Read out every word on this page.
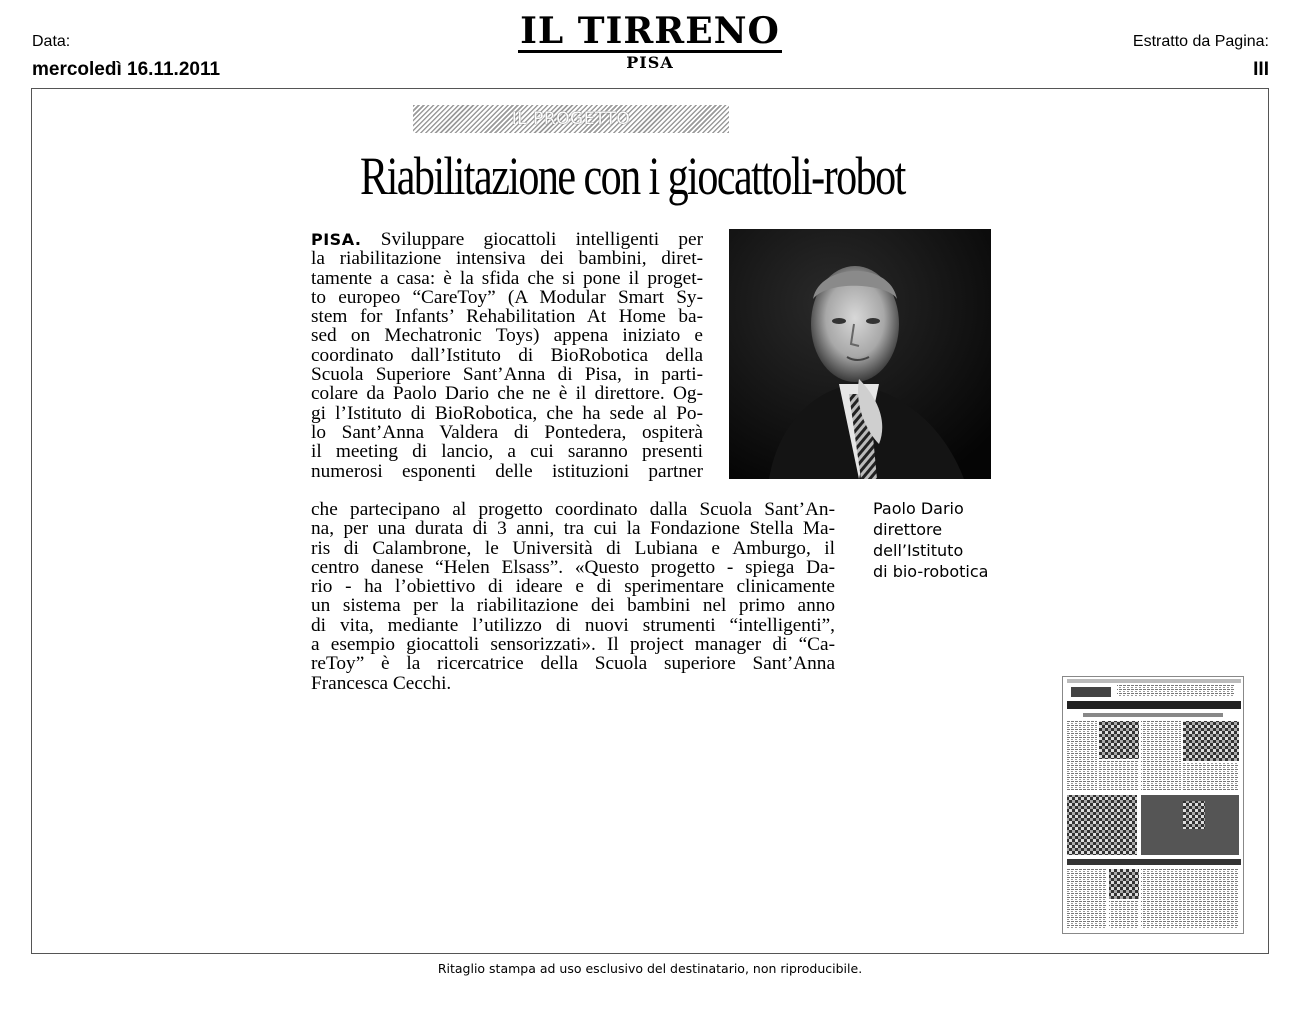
Data:
mercoledì 16.11.2011
IL TIRRENO
PISA
Estratto da Pagina:
III
IL PROGETTO
Riabilitazione con i giocattoli-robot
PISA. Sviluppare giocattoli intelligenti per
la riabilitazione intensiva dei bambini, diret-
tamente a casa: è la sfida che si pone il proget-
to europeo “CareToy” (A Modular Smart Sy-
stem for Infants’ Rehabilitation At Home ba-
sed on Mechatronic Toys) appena iniziato e
coordinato dall’Istituto di BioRobotica della
Scuola Superiore Sant’Anna di Pisa, in parti-
colare da Paolo Dario che ne è il direttore. Og-
gi l’Istituto di BioRobotica, che ha sede al Po-
lo Sant’Anna Valdera di Pontedera, ospiterà
il meeting di lancio, a cui saranno presenti
numerosi esponenti delle istituzioni partner
Paolo Dario
direttore
dell’Istituto
di bio-robotica
che partecipano al progetto coordinato dalla Scuola Sant’An-
na, per una durata di 3 anni, tra cui la Fondazione Stella Ma-
ris di Calambrone, le Università di Lubiana e Amburgo, il
centro danese “Helen Elsass”. «Questo progetto - spiega Da-
rio - ha l’obiettivo di ideare e di sperimentare clinicamente
un sistema per la riabilitazione dei bambini nel primo anno
di vita, mediante l’utilizzo di nuovi strumenti “intelligenti”,
a esempio giocattoli sensorizzati». Il project manager di “Ca-
reToy” è la ricercatrice della Scuola superiore Sant’Anna
Francesca Cecchi.
Ritaglio stampa ad uso esclusivo del destinatario, non riproducibile.
